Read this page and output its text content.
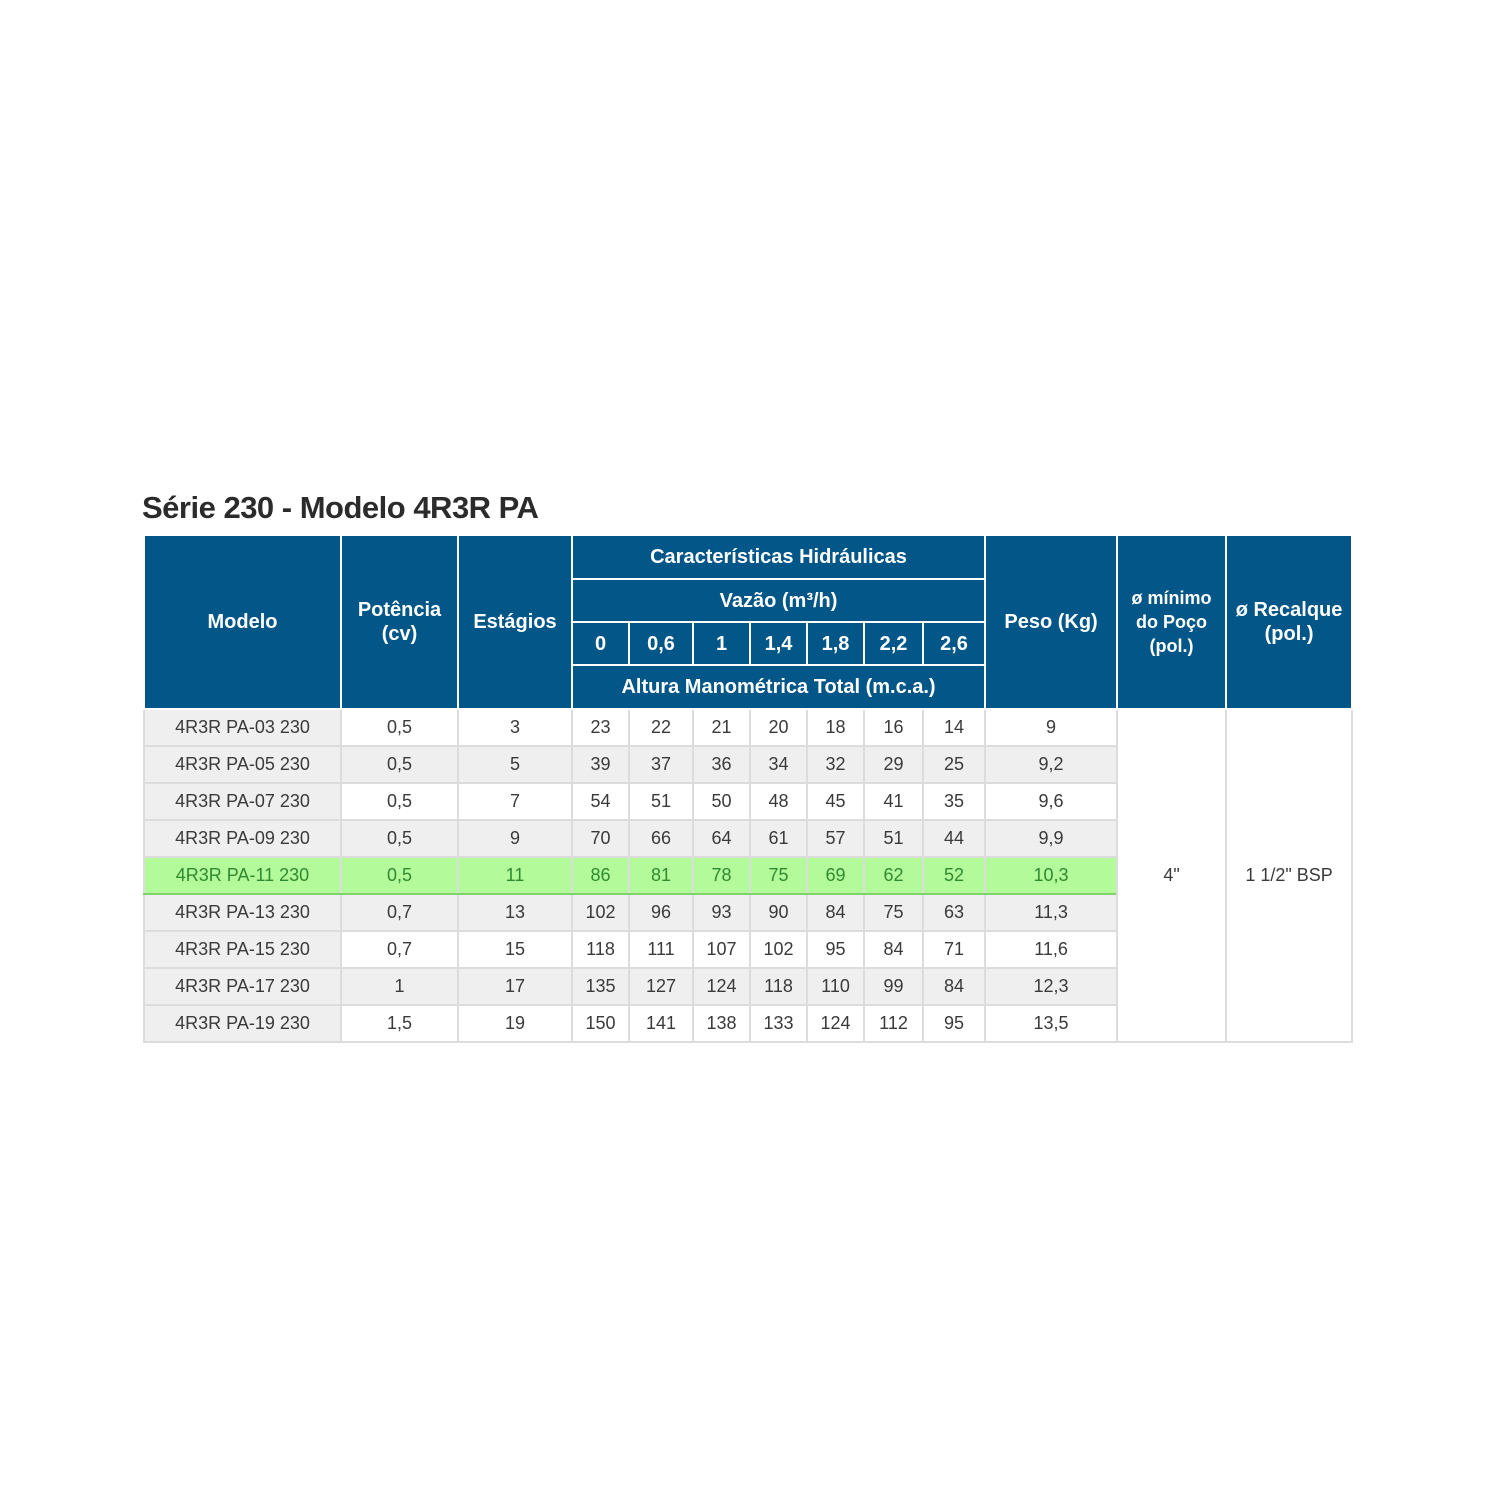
Série 230 - Modelo 4R3R PA
Modelo	Potência (cv)	Estágios	Características Hidráulicas							Peso (Kg)	ø mínimo do Poço (pol.)	ø Recalque (pol.)
			Vazão (m³/h)									
			0	0,6	1	1,4	1,8	2,2	2,6			
			Altura Manométrica Total (m.c.a.)									
4R3R PA-03 230	0,5	3	23	22	21	20	18	16	14	9	4"	1 1/2" BSP
4R3R PA-05 230	0,5	5	39	37	36	34	32	29	25	9,2		
4R3R PA-07 230	0,5	7	54	51	50	48	45	41	35	9,6		
4R3R PA-09 230	0,5	9	70	66	64	61	57	51	44	9,9		
4R3R PA-11 230	0,5	11	86	81	78	75	69	62	52	10,3		
4R3R PA-13 230	0,7	13	102	96	93	90	84	75	63	11,3		
4R3R PA-15 230	0,7	15	118	111	107	102	95	84	71	11,6		
4R3R PA-17 230	1	17	135	127	124	118	110	99	84	12,3		
4R3R PA-19 230	1,5	19	150	141	138	133	124	112	95	13,5		
